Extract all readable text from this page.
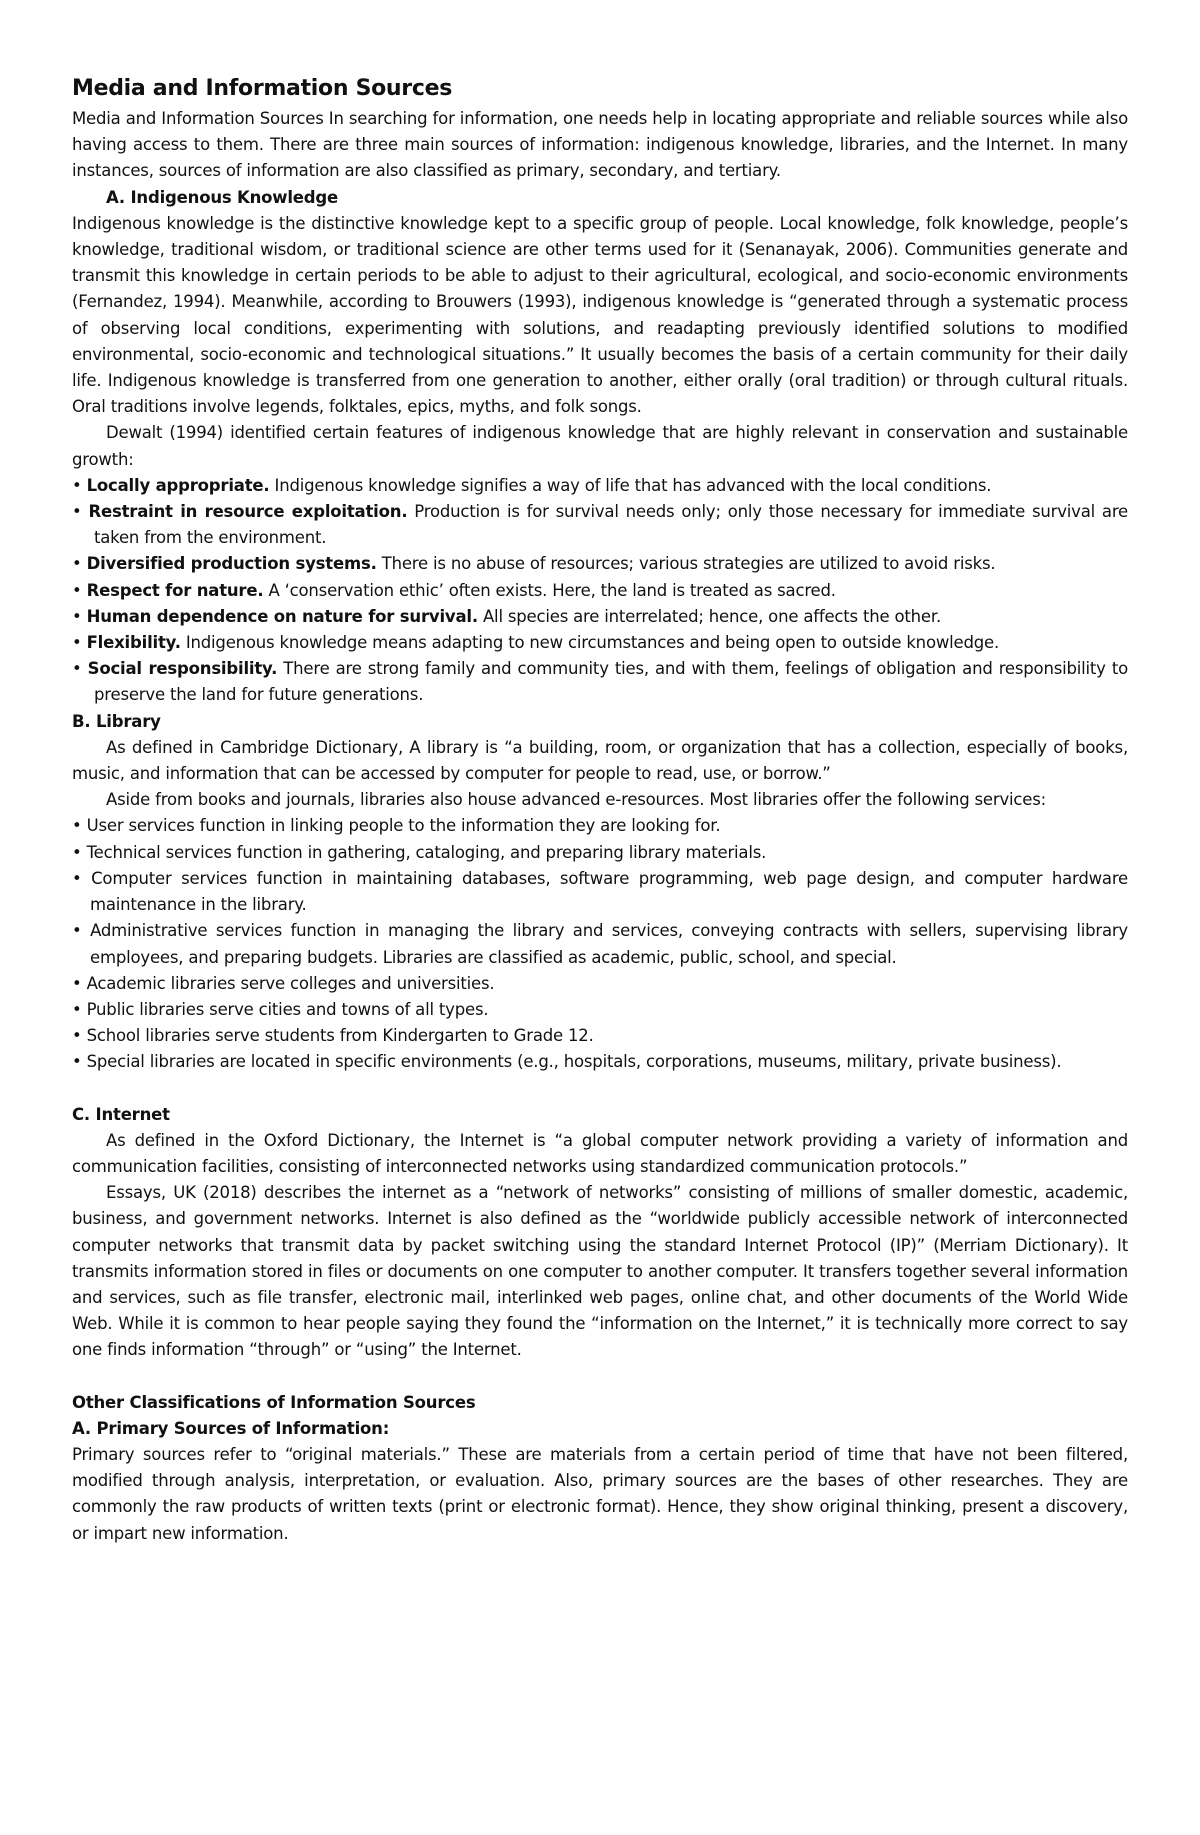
Media and Information Sources

Media and Information Sources In searching for information, one needs help in locating appropriate and reliable sources while also having access to them. There are three main sources of information: indigenous knowledge, libraries, and the Internet. In many instances, sources of information are also classified as primary, secondary, and tertiary.

A. Indigenous Knowledge

Indigenous knowledge is the distinctive knowledge kept to a specific group of people. Local knowledge, folk knowledge, people’s knowledge, traditional wisdom, or traditional science are other terms used for it (Senanayak, 2006). Communities generate and transmit this knowledge in certain periods to be able to adjust to their agricultural, ecological, and socio-economic environments (Fernandez, 1994). Meanwhile, according to Brouwers (1993), indigenous knowledge is “generated through a systematic process of observing local conditions, experimenting with solutions, and readapting previously identified solutions to modified environmental, socio-economic and technological situations.” It usually becomes the basis of a certain community for their daily life. Indigenous knowledge is transferred from one generation to another, either orally (oral tradition) or through cultural rituals. Oral traditions involve legends, folktales, epics, myths, and folk songs.

Dewalt (1994) identified certain features of indigenous knowledge that are highly relevant in conservation and sustainable growth:

• Locally appropriate. Indigenous knowledge signifies a way of life that has advanced with the local conditions.

• Restraint in resource exploitation. Production is for survival needs only; only those necessary for immediate survival are taken from the environment.

• Diversified production systems. There is no abuse of resources; various strategies are utilized to avoid risks.

• Respect for nature. A ‘conservation ethic’ often exists. Here, the land is treated as sacred.

• Human dependence on nature for survival. All species are interrelated; hence, one affects the other.

• Flexibility. Indigenous knowledge means adapting to new circumstances and being open to outside knowledge.

• Social responsibility. There are strong family and community ties, and with them, feelings of obligation and responsibility to preserve the land for future generations.

B. Library

As defined in Cambridge Dictionary, A library is “a building, room, or organization that has a collection, especially of books, music, and information that can be accessed by computer for people to read, use, or borrow.”

Aside from books and journals, libraries also house advanced e-resources. Most libraries offer the following services:

• User services function in linking people to the information they are looking for.

• Technical services function in gathering, cataloging, and preparing library materials.

• Computer services function in maintaining databases, software programming, web page design, and computer hardware maintenance in the library.

• Administrative services function in managing the library and services, conveying contracts with sellers, supervising library employees, and preparing budgets. Libraries are classified as academic, public, school, and special.

• Academic libraries serve colleges and universities.

• Public libraries serve cities and towns of all types.

• School libraries serve students from Kindergarten to Grade 12.

• Special libraries are located in specific environments (e.g., hospitals, corporations, museums, military, private business).

C. Internet

As defined in the Oxford Dictionary, the Internet is “a global computer network providing a variety of information and communication facilities, consisting of interconnected networks using standardized communication protocols.”

Essays, UK (2018) describes the internet as a “network of networks” consisting of millions of smaller domestic, academic, business, and government networks. Internet is also defined as the “worldwide publicly accessible network of interconnected computer networks that transmit data by packet switching using the standard Internet Protocol (IP)” (Merriam Dictionary). It transmits information stored in files or documents on one computer to another computer. It transfers together several information and services, such as file transfer, electronic mail, interlinked web pages, online chat, and other documents of the World Wide Web. While it is common to hear people saying they found the “information on the Internet,” it is technically more correct to say one finds information “through” or “using” the Internet.

Other Classifications of Information Sources
A. Primary Sources of Information:

Primary sources refer to “original materials.” These are materials from a certain period of time that have not been filtered, modified through analysis, interpretation, or evaluation. Also, primary sources are the bases of other researches. They are commonly the raw products of written texts (print or electronic format). Hence, they show original thinking, present a discovery, or impart new information.
